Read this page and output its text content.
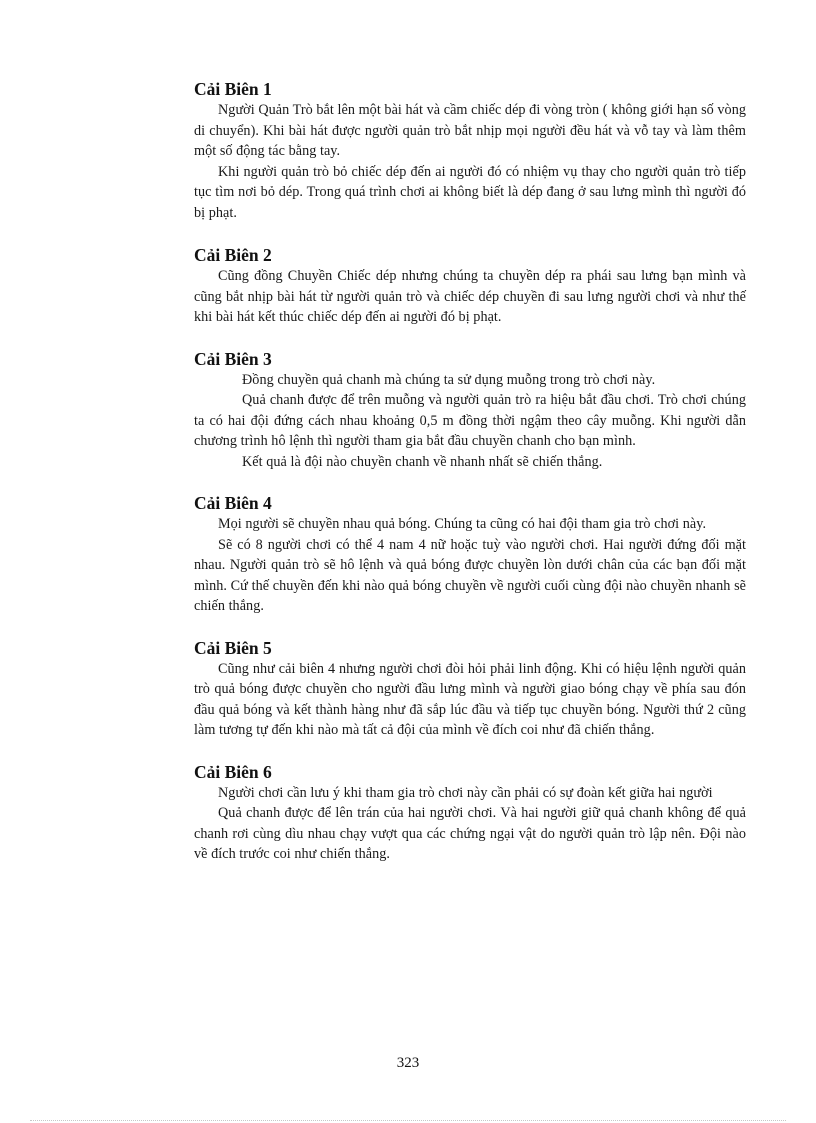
Cải Biên 1

Người Quản Trò bắt lên một bài hát và cầm chiếc dép đi vòng tròn ( không giới hạn số vòng di chuyển). Khi bài hát được người quản trò bắt nhịp mọi người đều hát và vỗ tay và làm thêm một số động tác bằng tay.

Khi người quản trò bỏ chiếc dép đến ai người đó có nhiệm vụ thay cho người quản trò tiếp tục tìm nơi bỏ dép. Trong quá trình chơi ai không biết là dép đang ở sau lưng mình thì người đó bị phạt.

Cải Biên 2

Cũng đồng Chuyền Chiếc dép nhưng chúng ta chuyền dép ra phái sau lưng bạn mình và cũng bắt nhịp bài hát từ người quản trò và chiếc dép chuyền đi sau lưng người chơi và như thế khi bài hát kết thúc chiếc dép đến ai người đó bị phạt.

Cải Biên 3

Đồng chuyền quả chanh mà chúng ta sử dụng muỗng trong trò chơi này.

Quả chanh được để trên muỗng và người quản trò ra hiệu bắt đầu chơi. Trò chơi chúng ta có hai đội đứng cách nhau khoảng 0,5 m đồng thời ngậm theo cây muỗng. Khi người dẫn chương trình hô lệnh thì người tham gia bắt đầu chuyền chanh cho bạn mình.

Kết quả là đội nào chuyền chanh về nhanh nhất sẽ chiến thắng.

Cải Biên 4

Mọi người sẽ chuyền nhau quả bóng. Chúng ta cũng có hai đội tham gia trò chơi này.

Sẽ có 8 người chơi có thể 4 nam 4 nữ hoặc tuỳ vào người chơi. Hai người đứng đối mặt nhau. Người quản trò sẽ hô lệnh và quả bóng được chuyền lòn dưới chân của các bạn đối mặt mình. Cứ thế chuyền đến khi nào quả bóng chuyền về người cuối cùng đội nào chuyền nhanh sẽ chiến thắng.

Cải Biên 5

Cũng như cải biên 4 nhưng người chơi đòi hỏi phải linh động. Khi có hiệu lệnh người quản trò quả bóng được chuyền cho người đầu lưng mình và người giao bóng chạy về phía sau đón đầu quả bóng và kết thành hàng như đã sắp lúc đầu và tiếp tục chuyền bóng. Người thứ 2 cũng làm tương tự đến khi nào mà tất cả đội của mình về đích coi như đã chiến thắng.

Cải Biên 6

Người chơi cần lưu ý khi tham gia trò chơi này cần phải có sự đoàn kết giữa hai người

Quả chanh được để lên trán của hai người chơi. Và hai người giữ quả chanh không để quả chanh rơi cùng dìu nhau chạy vượt qua các chứng ngại vật do người quản trò lập nên. Đội nào về đích trước coi như chiến thắng.

323
